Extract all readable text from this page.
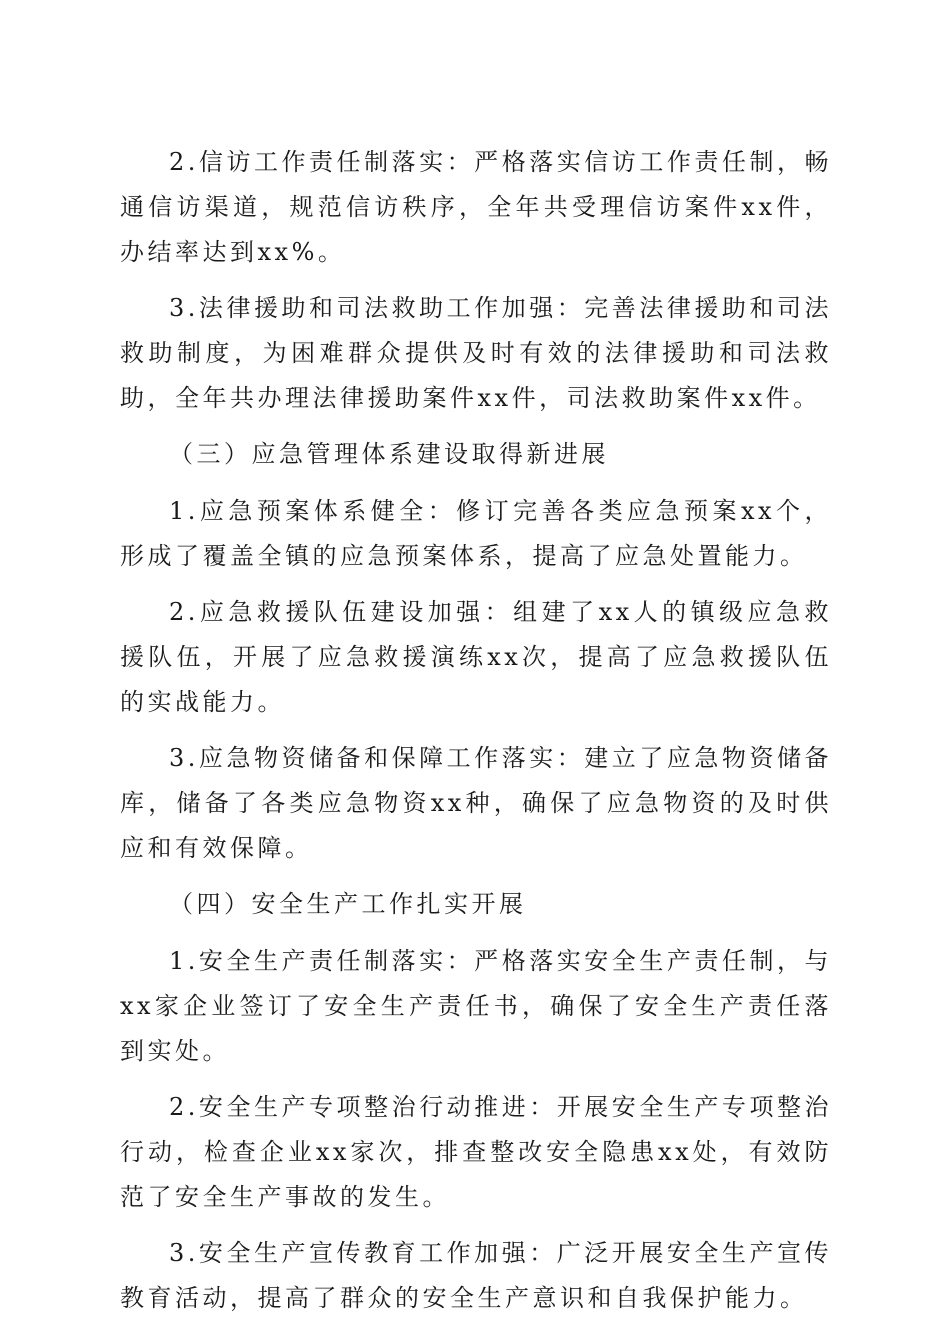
2.信访工作责任制落实：严格落实信访工作责任制，畅通信访渠道，规范信访秩序，全年共受理信访案件xx件，办结率达到xx%。

3.法律援助和司法救助工作加强：完善法律援助和司法救助制度，为困难群众提供及时有效的法律援助和司法救助，全年共办理法律援助案件xx件，司法救助案件xx件。

（三）应急管理体系建设取得新进展

1.应急预案体系健全：修订完善各类应急预案xx个，形成了覆盖全镇的应急预案体系，提高了应急处置能力。

2.应急救援队伍建设加强：组建了xx人的镇级应急救援队伍，开展了应急救援演练xx次，提高了应急救援队伍的实战能力。

3.应急物资储备和保障工作落实：建立了应急物资储备库，储备了各类应急物资xx种，确保了应急物资的及时供应和有效保障。

（四）安全生产工作扎实开展

1.安全生产责任制落实：严格落实安全生产责任制，与xx家企业签订了安全生产责任书，确保了安全生产责任落到实处。

2.安全生产专项整治行动推进：开展安全生产专项整治行动，检查企业xx家次，排查整改安全隐患xx处，有效防范了安全生产事故的发生。

3.安全生产宣传教育工作加强：广泛开展安全生产宣传教育活动，提高了群众的安全生产意识和自我保护能力。
